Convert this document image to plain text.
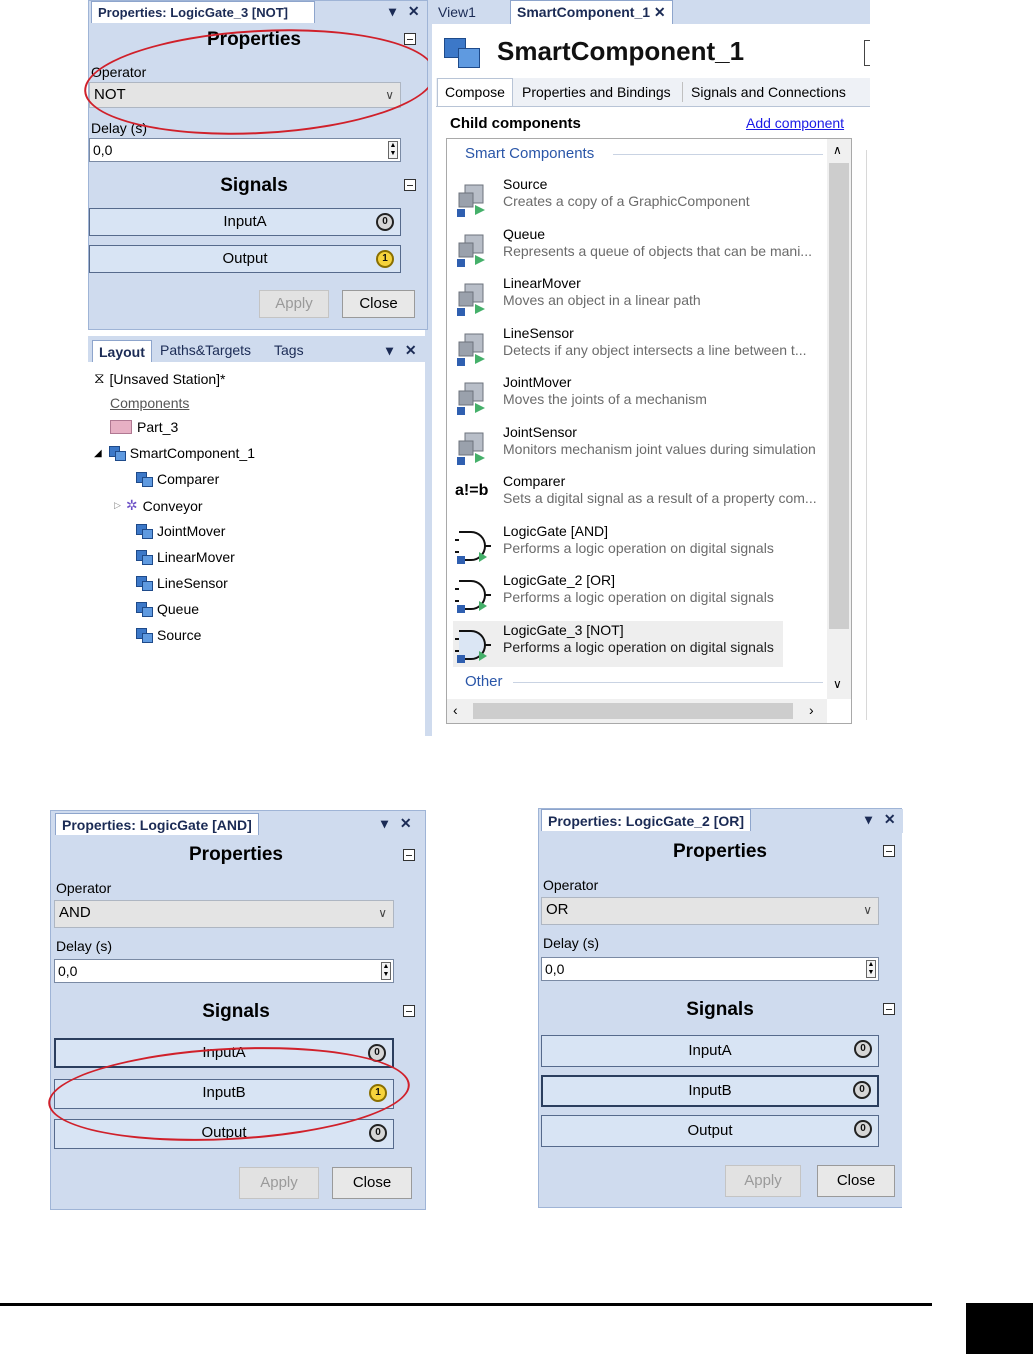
Properties: LogicGate_3 [NOT]	▾ ✕
Properties
Operator
NOT	∨
Delay (s)
0,0	▲
▼
Signals
InputA	0
Output	1
Apply	Close
Layout	Paths&Targets Tags	▾ ✕
⧖ [Unsaved Station]*
Components
Part_3
◢ SmartComponent_1
Comparer
▷ ✲ Conveyor
JointMover
LinearMover
LineSensor
Queue
Source
View1	SmartComponent_1 ✕
SmartComponent_1
Compose	Properties and Bindings Signals and Connections
Child components	Add component
Smart Components
Source
Creates a copy of a GraphicComponent
Queue
Represents a queue of objects that can be mani...
LinearMover
Moves an object in a linear path
LineSensor
Detects if any object intersects a line between t...
JointMover
Moves the joints of a mechanism
JointSensor
Monitors mechanism joint values during simulation
a!=b
Comparer
Sets a digital signal as a result of a property com...
LogicGate [AND]
Performs a logic operation on digital signals
LogicGate_2 [OR]
Performs a logic operation on digital signals
LogicGate_3 [NOT]
Performs a logic operation on digital signals
Other
∧
∨
‹	›
Properties: LogicGate [AND]	▾ ✕
Properties
Operator
AND	∨
Delay (s)
0,0	▲
▼
Signals
InputA	0
InputB	1
Output	0
Apply	Close
Properties: LogicGate_2 [OR]	▾ ✕
Properties
Operator
OR	∨
Delay (s)
0,0	▲
▼
Signals
InputA	0
InputB	0
Output	0
Apply	Close
